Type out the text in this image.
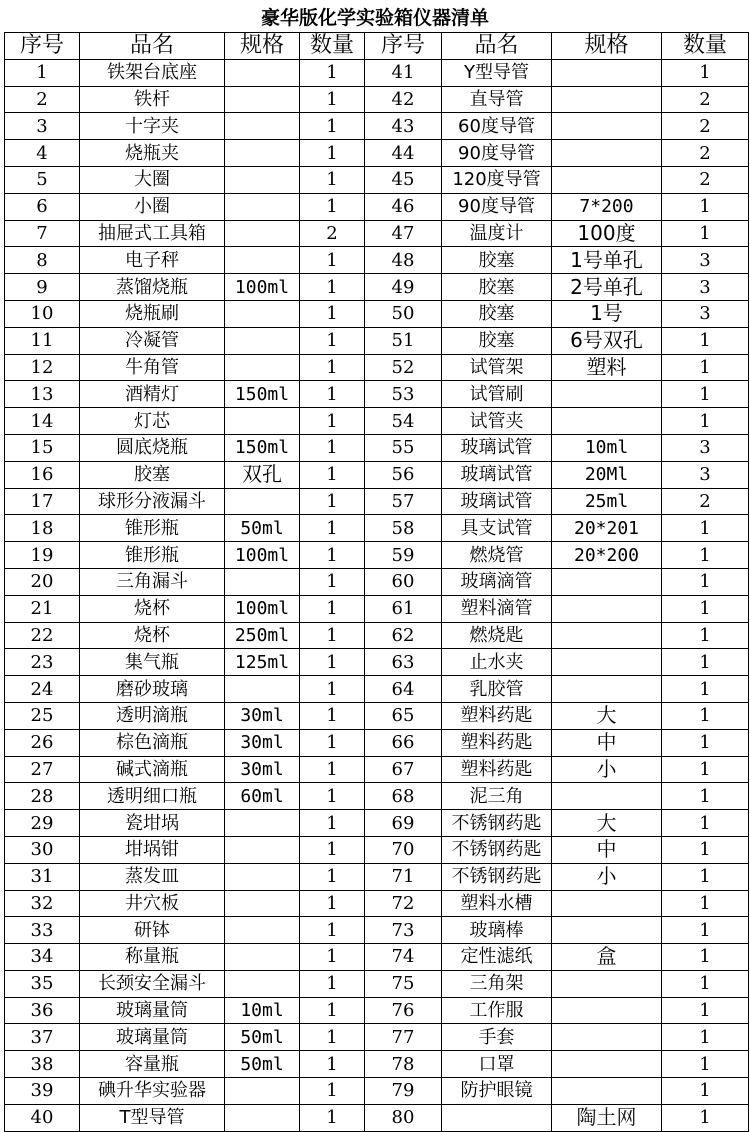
豪华版化学实验箱仪器清单
序号	品名	规格	数量	序号	品名	规格	数量
1	铁架台底座		1	41	Y型导管		1
2	铁杆		1	42	直导管		2
3	十字夹		1	43	60度导管		2
4	烧瓶夹		1	44	90度导管		2
5	大圈		1	45	120度导管		2
6	小圈		1	46	90度导管	7*200	1
7	抽屉式工具箱		2	47	温度计	100度	1
8	电子秤		1	48	胶塞	1号单孔	3
9	蒸馏烧瓶	100ml	1	49	胶塞	2号单孔	3
10	烧瓶刷		1	50	胶塞	1号	3
11	冷凝管		1	51	胶塞	6号双孔	1
12	牛角管		1	52	试管架	塑料	1
13	酒精灯	150ml	1	53	试管刷		1
14	灯芯		1	54	试管夹		1
15	圆底烧瓶	150ml	1	55	玻璃试管	10ml	3
16	胶塞	双孔	1	56	玻璃试管	20Ml	3
17	球形分液漏斗		1	57	玻璃试管	25ml	2
18	锥形瓶	50ml	1	58	具支试管	20*201	1
19	锥形瓶	100ml	1	59	燃烧管	20*200	1
20	三角漏斗		1	60	玻璃滴管		1
21	烧杯	100ml	1	61	塑料滴管		1
22	烧杯	250ml	1	62	燃烧匙		1
23	集气瓶	125ml	1	63	止水夹		1
24	磨砂玻璃		1	64	乳胶管		1
25	透明滴瓶	30ml	1	65	塑料药匙	大	1
26	棕色滴瓶	30ml	1	66	塑料药匙	中	1
27	碱式滴瓶	30ml	1	67	塑料药匙	小	1
28	透明细口瓶	60ml	1	68	泥三角		1
29	瓷坩埚		1	69	不锈钢药匙	大	1
30	坩埚钳		1	70	不锈钢药匙	中	1
31	蒸发皿		1	71	不锈钢药匙	小	1
32	井穴板		1	72	塑料水槽		1
33	研钵		1	73	玻璃棒		1
34	称量瓶		1	74	定性滤纸	盒	1
35	长颈安全漏斗		1	75	三角架		1
36	玻璃量筒	10ml	1	76	工作服		1
37	玻璃量筒	50ml	1	77	手套		1
38	容量瓶	50ml	1	78	口罩		1
39	碘升华实验器		1	79	防护眼镜		1
40	T型导管		1	80		陶土网	1
